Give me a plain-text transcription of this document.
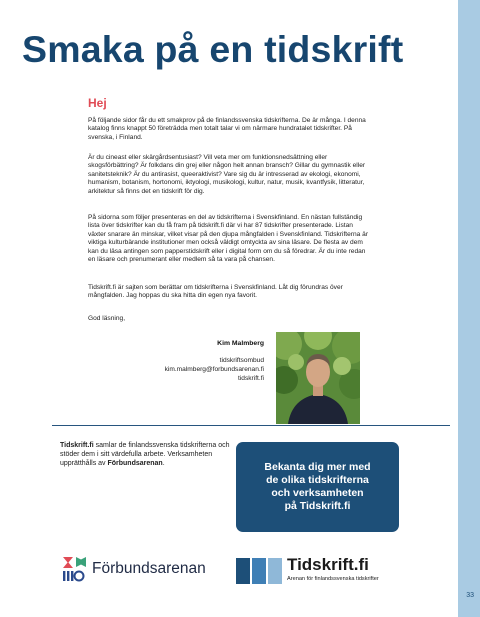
Smaka på en tidskrift
Hej

På följande sidor får du ett smakprov på de finlandssvenska tidskrifterna. De är många. I denna katalog finns knappt 50 företrädda men totalt talar vi om närmare hundratalet tidskrifter. På svenska, i Finland.

Är du cineast eller skärgårdsentusiast? Vill veta mer om funktionsnedsättning eller skogsförbättring? Är folkdans din grej eller någon helt annan bransch? Gillar du gymnastik eller sanitetsteknik? Är du antirasist, queeraktivist? Vare sig du är intresserad av ekologi, ekonomi, humanism, botanism, hortonomi, iktyologi, musikologi, kultur, natur, musik, kvantfysik, litteratur, arkitektur så finns det en tidskrift för dig.

På sidorna som följer presenteras en del av tidskrifterna i Svenskfinland. En nästan fullständig lista över tidskrifter kan du få fram på tidskrift.fi där vi har 87 tidskrifter presenterade. Listan växter snarare än minskar, vilket visar på den djupa mångfalden i Svenskfinland. Tidskrifterna är viktiga kulturbärande institutioner men också väldigt omtyckta av sina läsare. De flesta av dem kan du läsa antingen som papperstidskrift eller i digital form om du så föredrar. Är du inte redan en läsare och prenumerant eller medlem så ta vara på chansen.

Tidskrift.fi är sajten som berättar om tidskrifterna i Svenskfinland. Låt dig förundras över mångfalden. Jag hoppas du ska hitta din egen nya favorit.

God läsning,

Kim Malmberg
tidskriftsombud
kim.malmberg@forbundsarenan.fi
tidskrift.fi

Tidskrift.fi samlar de finlandssvenska tidskrifterna och stöder dem i sitt värdefulla arbete. Verksamheten upprätthålls av Förbundsarenan.	Bekanta dig mer med
de olika tidskrifterna
och verksamheten
på Tidskrift.fi
Förbundsarenan	Tidskrift.fi
Arenan för finlandssvenska tidskrifter
33
